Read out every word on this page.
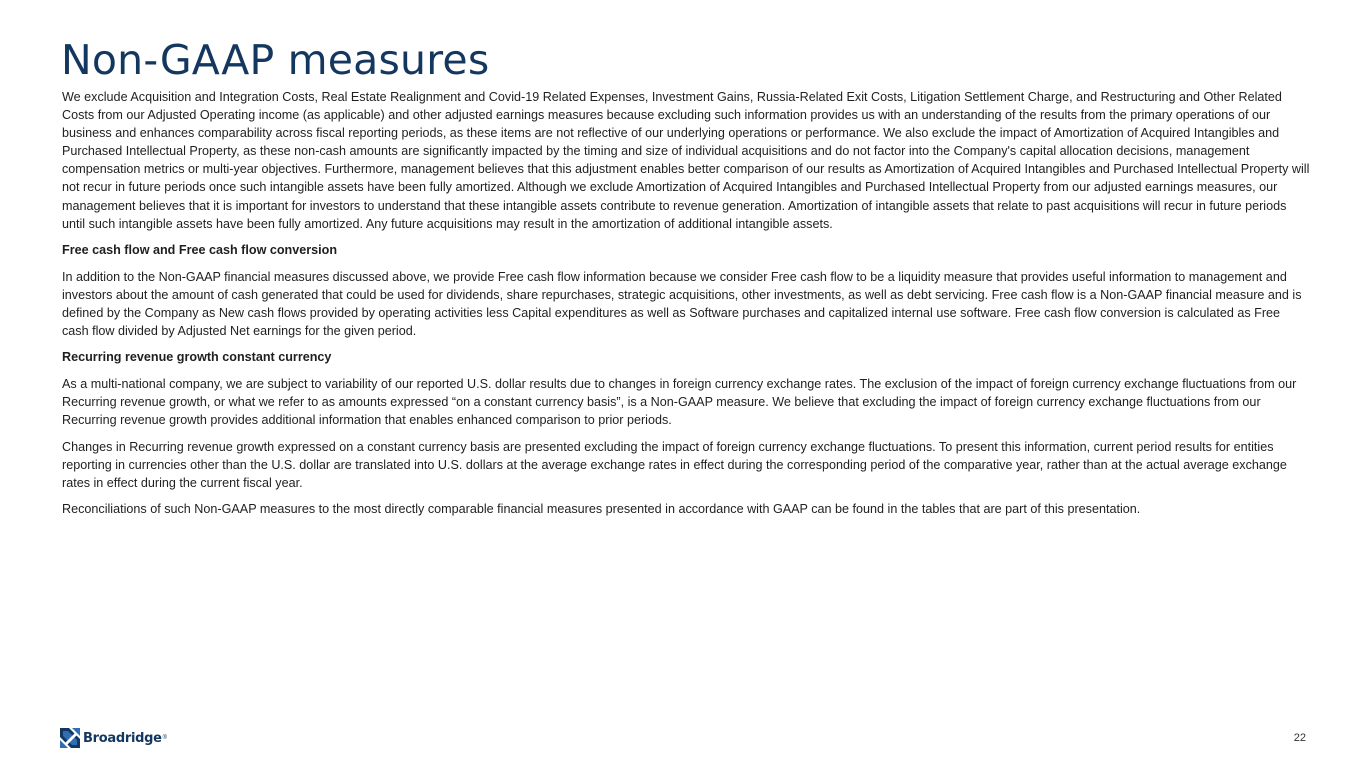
Non-GAAP measures

We exclude Acquisition and Integration Costs, Real Estate Realignment and Covid-19 Related Expenses, Investment Gains, Russia-Related Exit Costs, Litigation Settlement Charge, and Restructuring and Other Related Costs from our Adjusted Operating income (as applicable) and other adjusted earnings measures because excluding such information provides us with an understanding of the results from the primary operations of our business and enhances comparability across fiscal reporting periods, as these items are not reflective of our underlying operations or performance. We also exclude the impact of Amortization of Acquired Intangibles and Purchased Intellectual Property, as these non-cash amounts are significantly impacted by the timing and size of individual acquisitions and do not factor into the Company's capital allocation decisions, management compensation metrics or multi-year objectives. Furthermore, management believes that this adjustment enables better comparison of our results as Amortization of Acquired Intangibles and Purchased Intellectual Property will not recur in future periods once such intangible assets have been fully amortized. Although we exclude Amortization of Acquired Intangibles and Purchased Intellectual Property from our adjusted earnings measures, our management believes that it is important for investors to understand that these intangible assets contribute to revenue generation. Amortization of intangible assets that relate to past acquisitions will recur in future periods until such intangible assets have been fully amortized. Any future acquisitions may result in the amortization of additional intangible assets.

Free cash flow and Free cash flow conversion

In addition to the Non-GAAP financial measures discussed above, we provide Free cash flow information because we consider Free cash flow to be a liquidity measure that provides useful information to management and investors about the amount of cash generated that could be used for dividends, share repurchases, strategic acquisitions, other investments, as well as debt servicing. Free cash flow is a Non-GAAP financial measure and is defined by the Company as New cash flows provided by operating activities less Capital expenditures as well as Software purchases and capitalized internal use software. Free cash flow conversion is calculated as Free cash flow divided by Adjusted Net earnings for the given period.

Recurring revenue growth constant currency

As a multi-national company, we are subject to variability of our reported U.S. dollar results due to changes in foreign currency exchange rates. The exclusion of the impact of foreign currency exchange fluctuations from our Recurring revenue growth, or what we refer to as amounts expressed “on a constant currency basis”, is a Non-GAAP measure. We believe that excluding the impact of foreign currency exchange fluctuations from our Recurring revenue growth provides additional information that enables enhanced comparison to prior periods.

Changes in Recurring revenue growth expressed on a constant currency basis are presented excluding the impact of foreign currency exchange fluctuations. To present this information, current period results for entities reporting in currencies other than the U.S. dollar are translated into U.S. dollars at the average exchange rates in effect during the corresponding period of the comparative year, rather than at the actual average exchange rates in effect during the current fiscal year.

Reconciliations of such Non-GAAP measures to the most directly comparable financial measures presented in accordance with GAAP can be found in the tables that are part of this presentation.

Broadridge ®	22
